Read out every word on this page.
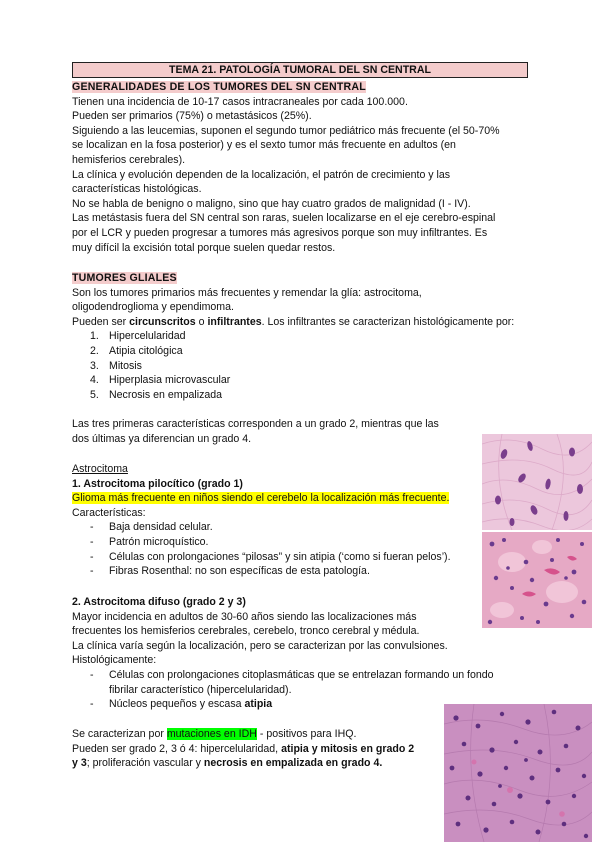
TEMA 21. PATOLOGÍA TUMORAL DEL SN CENTRAL

GENERALIDADES DE LOS TUMORES DEL SN CENTRAL

Tienen una incidencia de 10-17 casos intracraneales por cada 100.000.

Pueden ser primarios (75%) o metastásicos (25%).

Siguiendo a las leucemias, suponen el segundo tumor pediátrico más frecuente (el 50-70%

se localizan en la fosa posterior) y es el sexto tumor más frecuente en adultos (en

hemisferios cerebrales).

La clínica y evolución dependen de la localización, el patrón de crecimiento y las

características histológicas.

No se habla de benigno o maligno, sino que hay cuatro grados de malignidad (I - IV).

Las metástasis fuera del SN central son raras, suelen localizarse en el eje cerebro-espinal

por el LCR y pueden progresar a tumores más agresivos porque son muy infiltrantes. Es

muy difícil la excisión total porque suelen quedar restos.

TUMORES GLIALES

Son los tumores primarios más frecuentes y remendar la glía: astrocitoma,

oligodendroglioma y ependimoma.

Pueden ser circunscritos o infiltrantes. Los infiltrantes se caracterizan histológicamente por:

1. Hipercelularidad
2. Atipia citológica
3. Mitosis
4. Hiperplasia microvascular
5. Necrosis en empalizada

Las tres primeras características corresponden a un grado 2, mientras que las

dos últimas ya diferencian un grado 4.

Astrocitoma

1. Astrocitoma pilocítico (grado 1)

Glioma más frecuente en niños siendo el cerebelo la localización más frecuente.

Características:

- Baja densidad celular.
- Patrón microquístico.
- Células con prolongaciones “pilosas” y sin atipia (‘como si fueran pelos’).
- Fibras Rosenthal: no son específicas de esta patología.

2. Astrocitoma difuso (grado 2 y 3)

Mayor incidencia en adultos de 30-60 años siendo las localizaciones más

frecuentes los hemisferios cerebrales, cerebelo, tronco cerebral y médula.

La clínica varía según la localización, pero se caracterizan por las convulsiones.

Histológicamente:

- Células con prolongaciones citoplasmáticas que se entrelazan formando un fondo
fibrilar característico (hipercelularidad).
- Núcleos pequeños y escasa atipia

Se caracterizan por mutaciones en IDH - positivos para IHQ.

Pueden ser grado 2, 3 ó 4: hipercelularidad, atipia y mitosis en grado 2
y 3; proliferación vascular y necrosis en empalizada en grado 4.
